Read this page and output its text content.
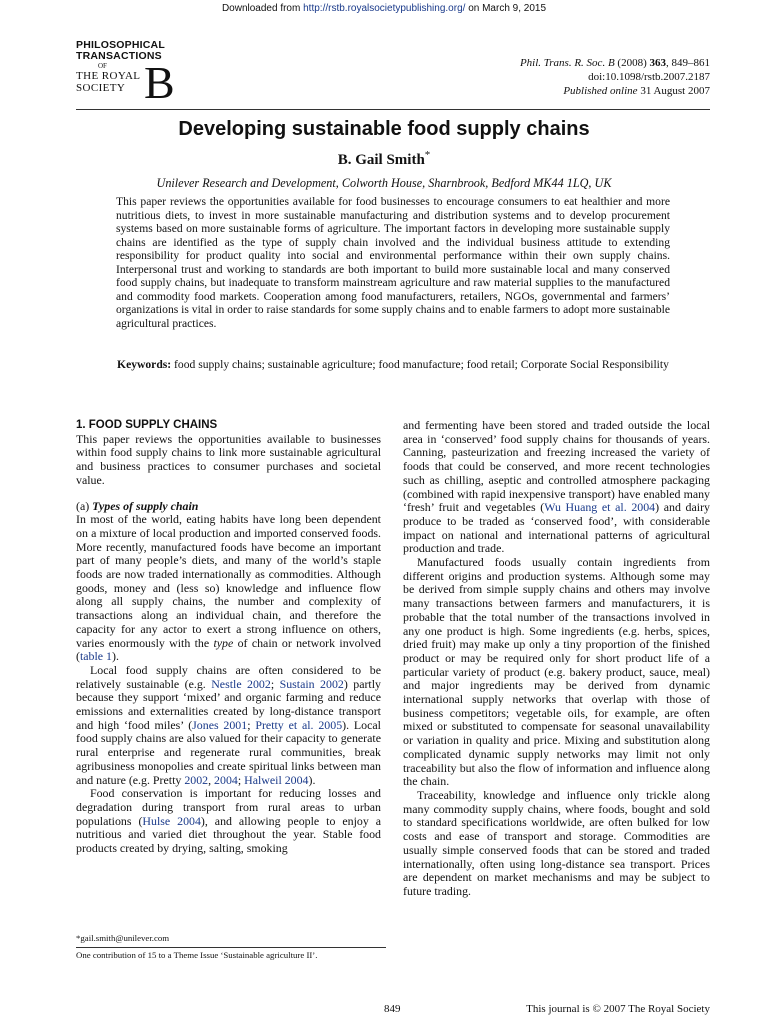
Downloaded from http://rstb.royalsocietypublishing.org/ on March 9, 2015
PHILOSOPHICAL
TRANSACTIONS
OF
THE ROYAL
SOCIETY B	Phil. Trans. R. Soc. B (2008) 363, 849–861
doi:10.1098/rstb.2007.2187
Published online 31 August 2007
Developing sustainable food supply chains
B. Gail Smith*
Unilever Research and Development, Colworth House, Sharnbrook, Bedford MK44 1LQ, UK
This paper reviews the opportunities available for food businesses to encourage consumers to eat healthier and more nutritious diets, to invest in more sustainable manufacturing and distribution systems and to develop procurement systems based on more sustainable forms of agriculture. The important factors in developing more sustainable supply chains are identified as the type of supply chain involved and the individual business attitude to extending responsibility for product quality into social and environmental performance within their own supply chains. Interpersonal trust and working to standards are both important to build more sustainable local and many conserved food supply chains, but inadequate to transform mainstream agriculture and raw material supplies to the manufactured and commodity food markets. Cooperation among food manufacturers, retailers, NGOs, governmental and farmers’ organizations is vital in order to raise standards for some supply chains and to enable farmers to adopt more sustainable agricultural practices.
Keywords: food supply chains; sustainable agriculture; food manufacture; food retail; Corporate Social Responsibility

1. FOOD SUPPLY CHAINS

This paper reviews the opportunities available to businesses within food supply chains to link more sustainable agricultural and business practices to consumer purchases and societal value.

(a) Types of supply chain

In most of the world, eating habits have long been dependent on a mixture of local production and imported conserved foods. More recently, manufactured foods have become an important part of many people’s diets, and many of the world’s staple foods are now traded internationally as commodities. Although goods, money and (less so) knowledge and influence flow along all supply chains, the number and complexity of transactions along an individual chain, and therefore the capacity for any actor to exert a strong influence on others, varies enormously with the type of chain or network involved (table 1).

Local food supply chains are often considered to be relatively sustainable (e.g. Nestle 2002; Sustain 2002) partly because they support ‘mixed’ and organic farming and reduce emissions and externalities created by long-distance transport and high ‘food miles’ (Jones 2001; Pretty et al. 2005). Local food supply chains are also valued for their capacity to generate rural enterprise and regenerate rural communities, break agribusiness monopolies and create spiritual links between man and nature (e.g. Pretty 2002, 2004; Halweil 2004).

Food conservation is important for reducing losses and degradation during transport from rural areas to urban populations (Hulse 2004), and allowing people to enjoy a nutritious and varied diet throughout the year. Stable food products created by drying, salting, smoking

and fermenting have been stored and traded outside the local area in ‘conserved’ food supply chains for thousands of years. Canning, pasteurization and freezing increased the variety of foods that could be conserved, and more recent technologies such as chilling, aseptic and controlled atmosphere packaging (combined with rapid inexpensive transport) have enabled many ‘fresh’ fruit and vegetables (Wu Huang et al. 2004) and dairy produce to be traded as ‘conserved food’, with considerable impact on national and international patterns of agricultural production and trade.

Manufactured foods usually contain ingredients from different origins and production systems. Although some may be derived from simple supply chains and others may involve many transactions between farmers and manufacturers, it is probable that the total number of the transactions involved in any one product is high. Some ingredients (e.g. herbs, spices, dried fruit) may make up only a tiny proportion of the finished product or may be required only for short product life of a particular variety of product (e.g. bakery product, sauce, meal) and major ingredients may be derived from dynamic international supply networks that overlap with those of business competitors; vegetable oils, for example, are often mixed or substituted to compensate for seasonal unavailability or variation in quality and price. Mixing and substitution along complicated dynamic supply networks may limit not only traceability but also the flow of information and influence along the chain.

Traceability, knowledge and influence only trickle along many commodity supply chains, where foods, bought and sold to standard specifications worldwide, are often bulked for low costs and ease of transport and storage. Commodities are usually simple conserved foods that can be stored and traded internationally, often using long-distance sea transport. Prices are dependent on market mechanisms and may be subject to future trading.

*gail.smith@unilever.com
One contribution of 15 to a Theme Issue ‘Sustainable agriculture II’.
849	This journal is © 2007 The Royal Society
